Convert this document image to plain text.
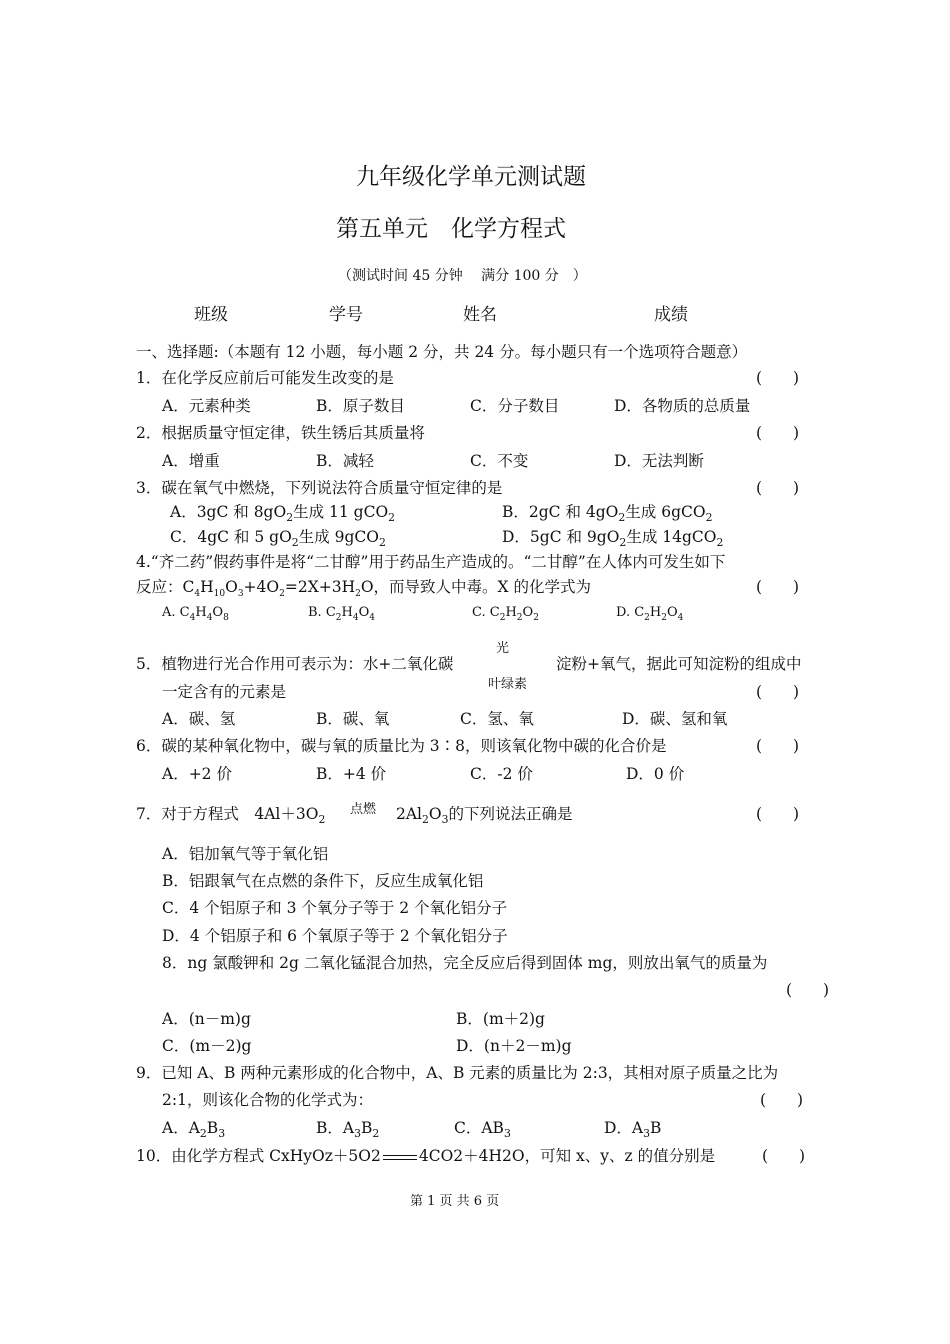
九年级化学单元测试题
第五单元　化学方程式
（测试时间 45 分钟　 满分 100 分　）
班级	学号	姓名	成绩
一、选择题:（本题有 12 小题，每小题 2 分，共 24 分。每小题只有一个选项符合题意）
1．在化学反应前后可能发生改变的是	(　　)
A．元素种类	B．原子数目	C．分子数目	D．各物质的总质量
2．根据质量守恒定律，铁生锈后其质量将	(　　)
A．增重	B．减轻	C．不变	D．无法判断
3．碳在氧气中燃烧，下列说法符合质量守恒定律的是	(　　)
A．3gC 和 $8gO_2$生成 11 gCO$_2$	B．2gC 和 $4gO_2$生成 6gCO$_2$
C．4gC 和 5 $gO_2$生成 9gCO$_2$	D．5gC 和 $9gO_2$生成 14gCO$_2$
4.“齐二药”假药事件是将“二甘醇”用于药品生产造成的。“二甘醇”在人体内可发生如下
反应：$C_4H_{10}O_3+4O_2=2X+3H_2O$，而导致人中毒。X 的化学式为	(　　)
A. $C_4H_4O_8$	B. $C_2H_4O_4$	C. $C_2H_2O_2$	D. $C_2H_2O_4$
光
5．植物进行光合作用可表示为：水+二氧化碳	淀粉+氧气，据此可知淀粉的组成中
叶绿素
一定含有的元素是	(　　)
A．碳、氢	B．碳、氧	C．氢、氧	D．碳、氢和氧
6．碳的某种氧化物中，碳与氧的质量比为 3∶8，则该氧化物中碳的化合价是	(　　)
A．+2 价	B．+4 价	C．-2 价	D．0 价
点燃
7．对于方程式　$4Al+3O_2$	$2Al_2O_3$的下列说法正确是	(　　)
A．铝加氧气等于氧化铝
B．铝跟氧气在点燃的条件下，反应生成氧化铝
C．4 个铝原子和 3 个氧分子等于 2 个氧化铝分子
D．4 个铝原子和 6 个氧原子等于 2 个氧化铝分子
8．ng 氯酸钾和 2g 二氧化锰混合加热，完全反应后得到固体 mg，则放出氧气的质量为
(　　)
A．(n－m)g	B．(m＋2)g
C．(m－2)g	D．(n＋2－m)g
9．已知 A、B 两种元素形成的化合物中，A、B 元素的质量比为 2:3，其相对原子质量之比为
2:1，则该化合物的化学式为：	(　　)
A．$A_2B_3$	B．$A_3B_2$	C．$AB_3$	D．$A_3B$
10．由化学方程式 CxHyOz＋5O2 4CO2＋4H2O，可知 x、y、z 的值分别是	(　　)
第 1 页 共 6 页
